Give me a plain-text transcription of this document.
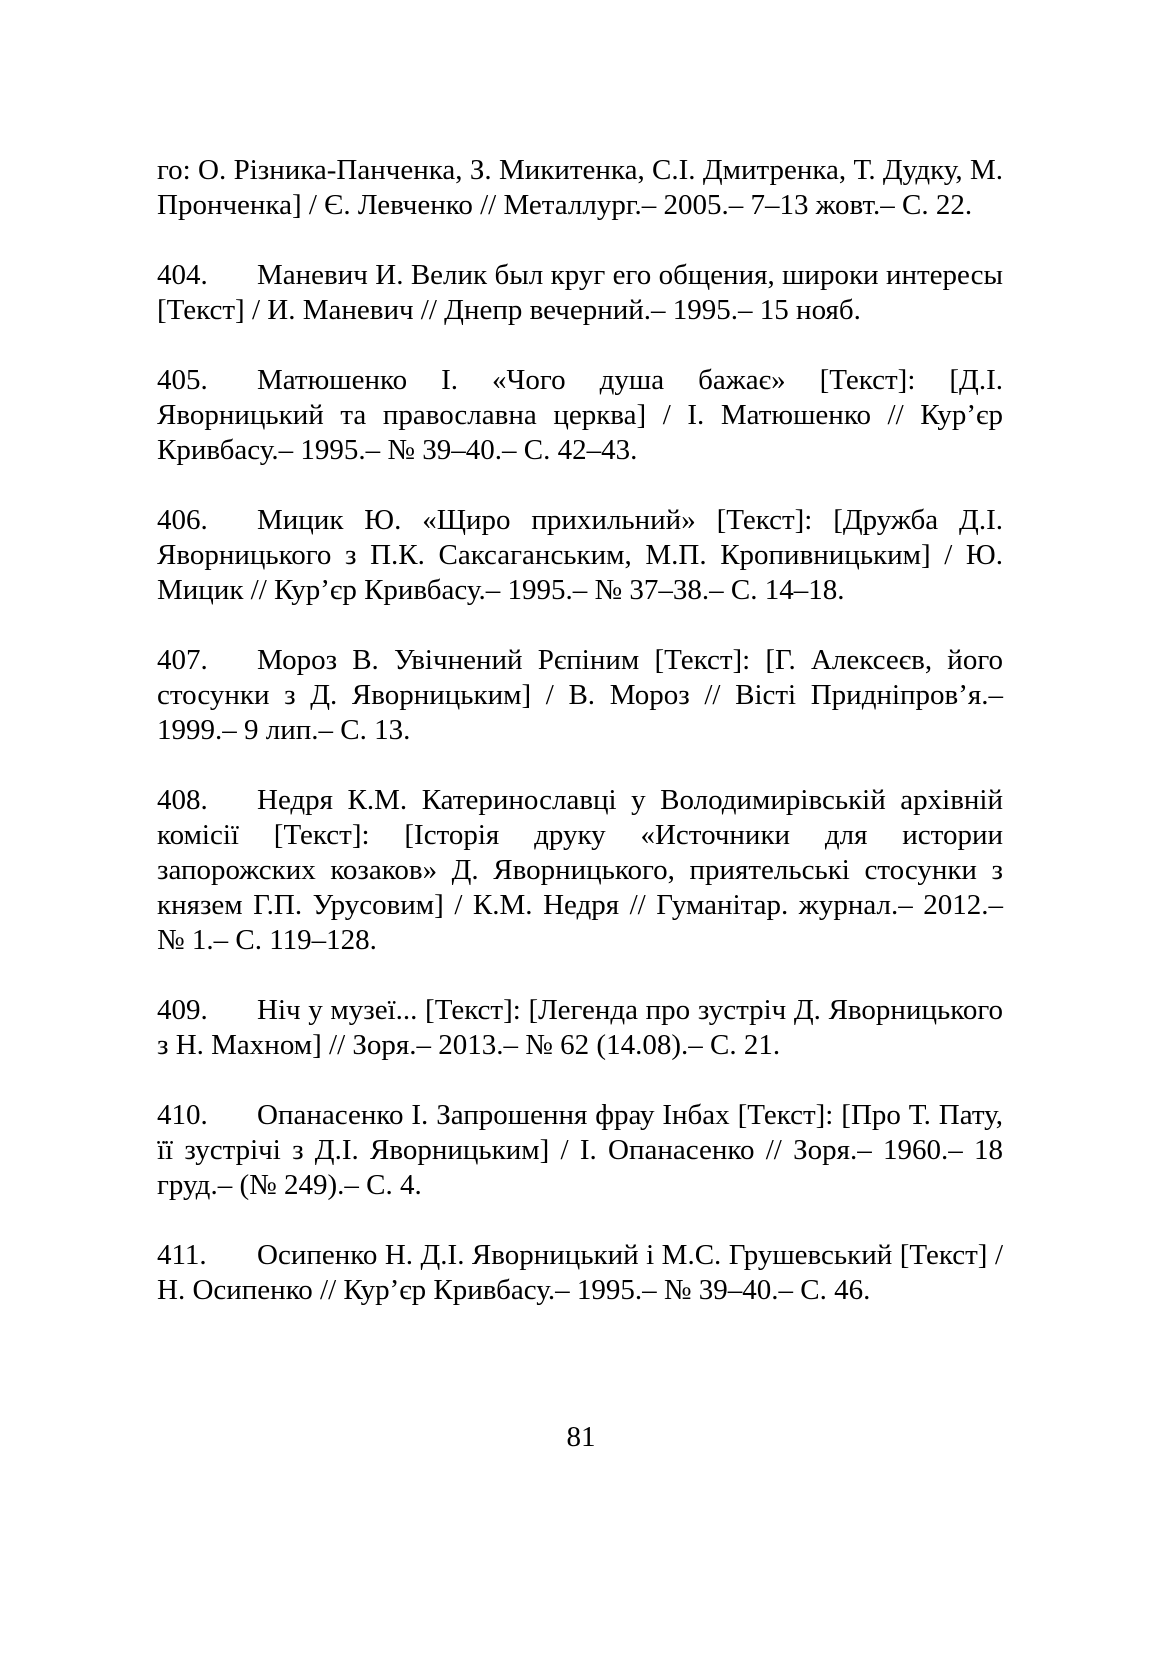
го: О. Різника-Панченка, З. Микитенка, С.І. Дмитренка, Т. Дудку, М. Пронченка] / Є. Левченко // Металлург.– 2005.– 7–13 жовт.– С. 22.

404. Маневич И. Велик был круг его общения, широки интересы [Текст] / И. Маневич // Днепр вечерний.– 1995.– 15 нояб.

405. Матюшенко І. «Чого душа бажає» [Текст]: [Д.І. Яворницький та православна церква] / І. Матюшенко // Кур’єр Кривбасу.– 1995.– № 39–40.– С. 42–43.

406. Мицик Ю. «Щиро прихильний» [Текст]: [Дружба Д.І. Яворницького з П.К. Саксаганським, М.П. Кропивницьким] / Ю. Мицик // Кур’єр Кривбасу.– 1995.– № 37–38.– С. 14–18.

407. Мороз В. Увічнений Рєпіним [Текст]: [Г. Алексеєв, його стосунки з Д. Яворницьким] / В. Мороз // Вісті Придніпров’я.– 1999.– 9 лип.– С. 13.

408. Недря К.М. Катеринославці у Володимирівській архівній комісії [Текст]: [Історія друку «Источники для истории запорожских козаков» Д. Яворницького, приятельські стосунки з князем Г.П. Урусовим] / К.М. Недря // Гуманітар. журнал.– 2012.– № 1.– С. 119–128.

409. Ніч у музеї... [Текст]: [Легенда про зустріч Д. Яворницького з Н. Махном] // Зоря.– 2013.– № 62 (14.08).– С. 21.

410. Опанасенко І. Запрошення фрау Інбах [Текст]: [Про Т. Пату, її зустрічі з Д.І. Яворницьким] / І. Опанасенко // Зоря.– 1960.– 18 груд.– (№ 249).– С. 4.

411. Осипенко Н. Д.І. Яворницький і М.С. Грушевський [Текст] / Н. Осипенко // Кур’єр Кривбасу.– 1995.– № 39–40.– С. 46.

81
